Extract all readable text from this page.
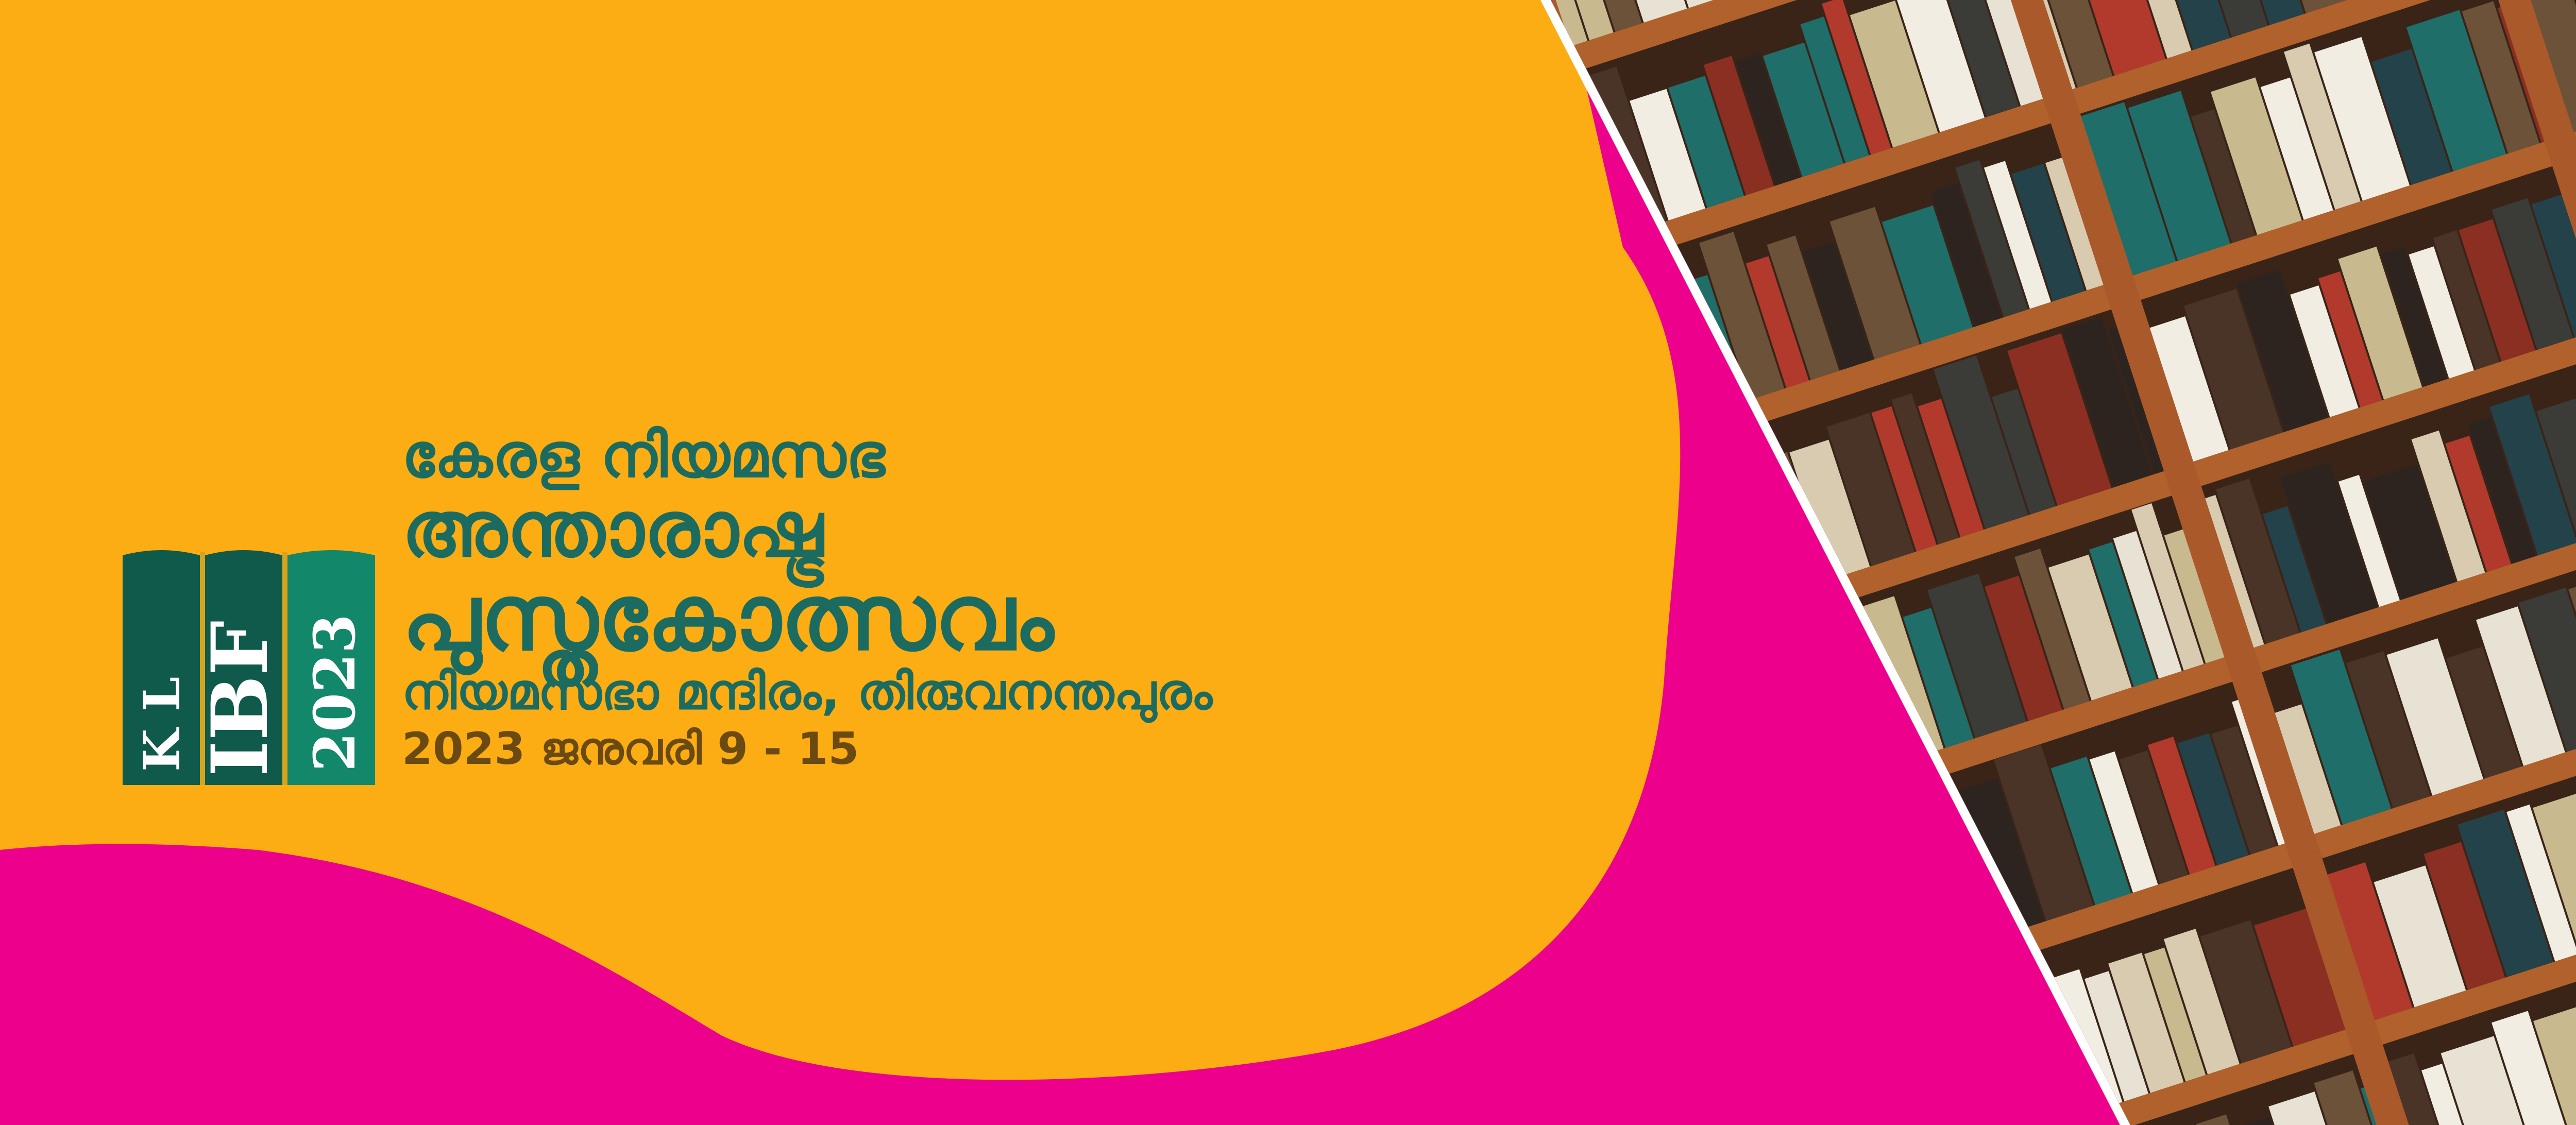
K L IBF 2023
കേരള നിയമസഭ
അന്താരാഷ്ട്ര
പുസ്തകോത്സവം
നിയമസഭാ മന്ദിരം, തിരുവനന്തപുരം
2023 ജനുവരി 9 - 15
